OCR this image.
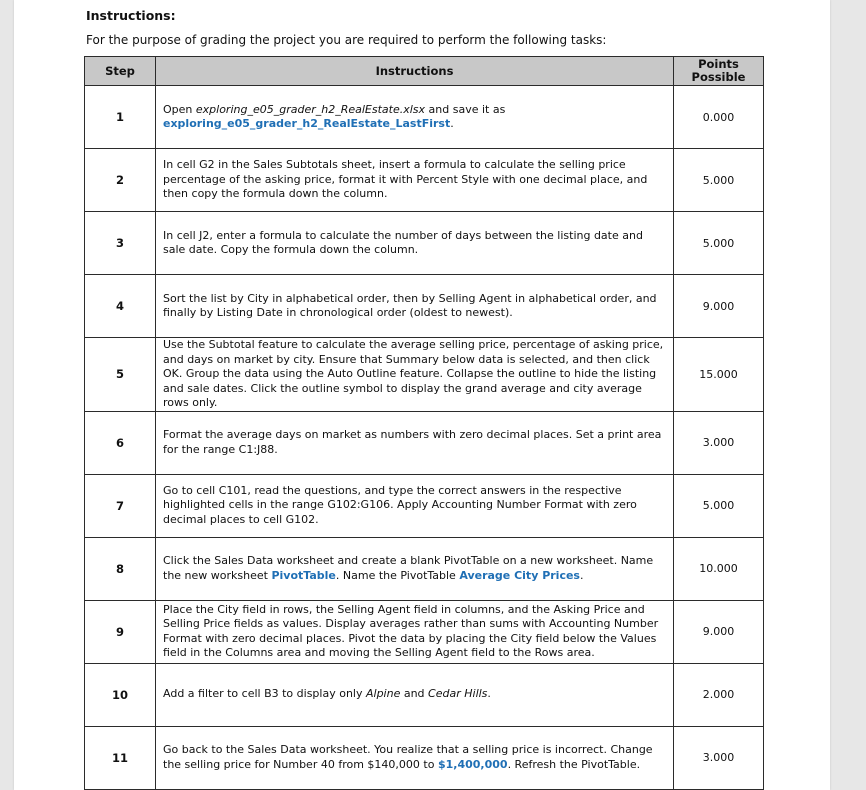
Instructions:
For the purpose of grading the project you are required to perform the following tasks:
Step	Instructions	Points
Possible
1	Open exploring_e05_grader_h2_RealEstate.xlsx and save it as exploring_e05_grader_h2_RealEstate_LastFirst.	0.000
2	In cell G2 in the Sales Subtotals sheet, insert a formula to calculate the selling price percentage of the asking price, format it with Percent Style with one decimal place, and then copy the formula down the column.	5.000
3	In cell J2, enter a formula to calculate the number of days between the listing date and sale date. Copy the formula down the column.	5.000
4	Sort the list by City in alphabetical order, then by Selling Agent in alphabetical order, and finally by Listing Date in chronological order (oldest to newest).	9.000
5	Use the Subtotal feature to calculate the average selling price, percentage of asking price, and days on market by city. Ensure that Summary below data is selected, and then click OK. Group the data using the Auto Outline feature. Collapse the outline to hide the listing and sale dates. Click the outline symbol to display the grand average and city average rows only.	15.000
6	Format the average days on market as numbers with zero decimal places. Set a print area for the range C1:J88.	3.000
7	Go to cell C101, read the questions, and type the correct answers in the respective highlighted cells in the range G102:G106. Apply Accounting Number Format with zero decimal places to cell G102.	5.000
8	Click the Sales Data worksheet and create a blank PivotTable on a new worksheet. Name the new worksheet PivotTable. Name the PivotTable Average City Prices.	10.000
9	Place the City field in rows, the Selling Agent field in columns, and the Asking Price and Selling Price fields as values. Display averages rather than sums with Accounting Number Format with zero decimal places. Pivot the data by placing the City field below the Values field in the Columns area and moving the Selling Agent field to the Rows area.	9.000
10	Add a filter to cell B3 to display only Alpine and Cedar Hills.	2.000
11	Go back to the Sales Data worksheet. You realize that a selling price is incorrect. Change the selling price for Number 40 from $140,000 to $1,400,000. Refresh the PivotTable.	3.000
